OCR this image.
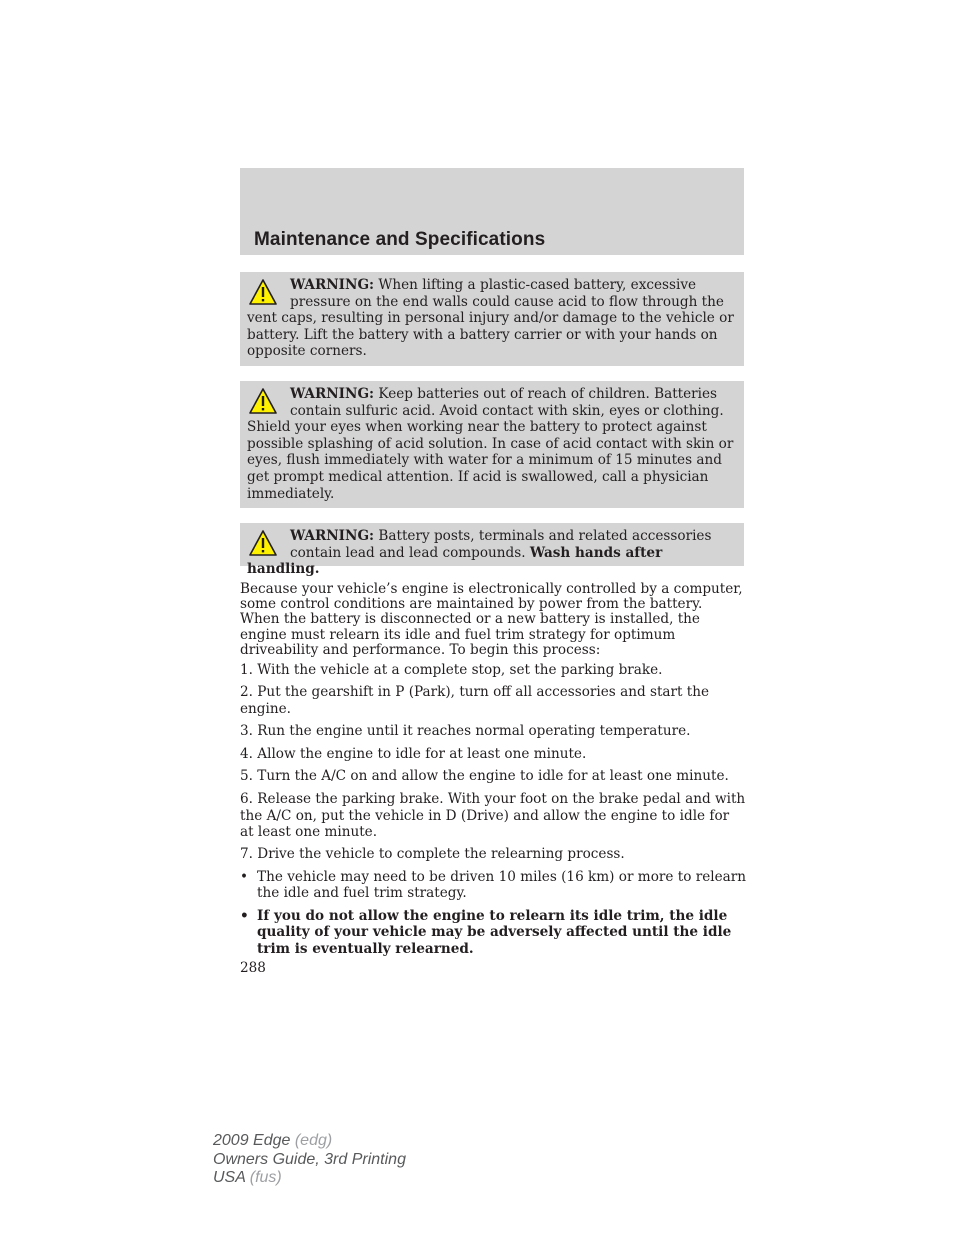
Maintenance and Specifications
WARNING: When lifting a plastic-cased battery, excessive pressure on the end walls could cause acid to flow through the vent caps, resulting in personal injury and/or damage to the vehicle or battery. Lift the battery with a battery carrier or with your hands on opposite corners.
WARNING: Keep batteries out of reach of children. Batteries contain sulfuric acid. Avoid contact with skin, eyes or clothing. Shield your eyes when working near the battery to protect against possible splashing of acid solution. In case of acid contact with skin or eyes, flush immediately with water for a minimum of 15 minutes and get prompt medical attention. If acid is swallowed, call a physician immediately.
WARNING: Battery posts, terminals and related accessories contain lead and lead compounds. Wash hands after handling.

Because your vehicle’s engine is electronically controlled by a computer, some control conditions are maintained by power from the battery. When the battery is disconnected or a new battery is installed, the engine must relearn its idle and fuel trim strategy for optimum driveability and performance. To begin this process:

1. With the vehicle at a complete stop, set the parking brake.
2. Put the gearshift in P (Park), turn off all accessories and start the engine.
3. Run the engine until it reaches normal operating temperature.
4. Allow the engine to idle for at least one minute.
5. Turn the A/C on and allow the engine to idle for at least one minute.
6. Release the parking brake. With your foot on the brake pedal and with the A/C on, put the vehicle in D (Drive) and allow the engine to idle for at least one minute.
7. Drive the vehicle to complete the relearning process.
• The vehicle may need to be driven 10 miles (16 km) or more to relearn the idle and fuel trim strategy.
• If you do not allow the engine to relearn its idle trim, the idle quality of your vehicle may be adversely affected until the idle trim is eventually relearned.
288
2009 Edge (edg)
Owners Guide, 3rd Printing
USA (fus)
